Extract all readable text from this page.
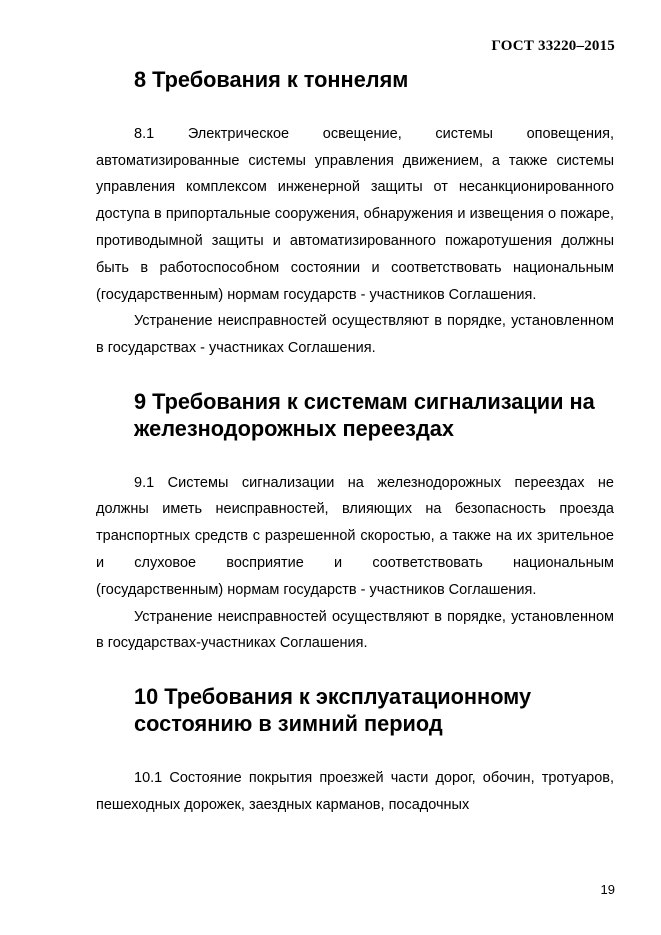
ГОСТ 33220–2015
8 Требования к тоннелям

8.1 Электрическое освещение, системы оповещения, автоматизированные системы управления движением, а также системы управления комплексом инженерной защиты от несанкционированного доступа в припортальные сооружения, обнаружения и извещения о пожаре, противодымной защиты и автоматизированного пожаротушения должны быть в работоспособном состоянии и соответствовать национальным (государственным) нормам государств - участников Соглашения.

Устранение неисправностей осуществляют в порядке, установленном в государствах - участниках Соглашения.

9 Требования к системам сигнализации на железнодорожных переездах

9.1 Системы сигнализации на железнодорожных переездах не должны иметь неисправностей, влияющих на безопасность проезда транспортных средств с разрешенной скоростью, а также на их зрительное и слуховое восприятие и соответствовать национальным (государственным) нормам государств - участников Соглашения.

Устранение неисправностей осуществляют в порядке, установленном в государствах-участниках Соглашения.

10 Требования к эксплуатационному состоянию в зимний период

10.1 Состояние покрытия проезжей части дорог, обочин, тротуаров, пешеходных дорожек, заездных карманов, посадочных

19
